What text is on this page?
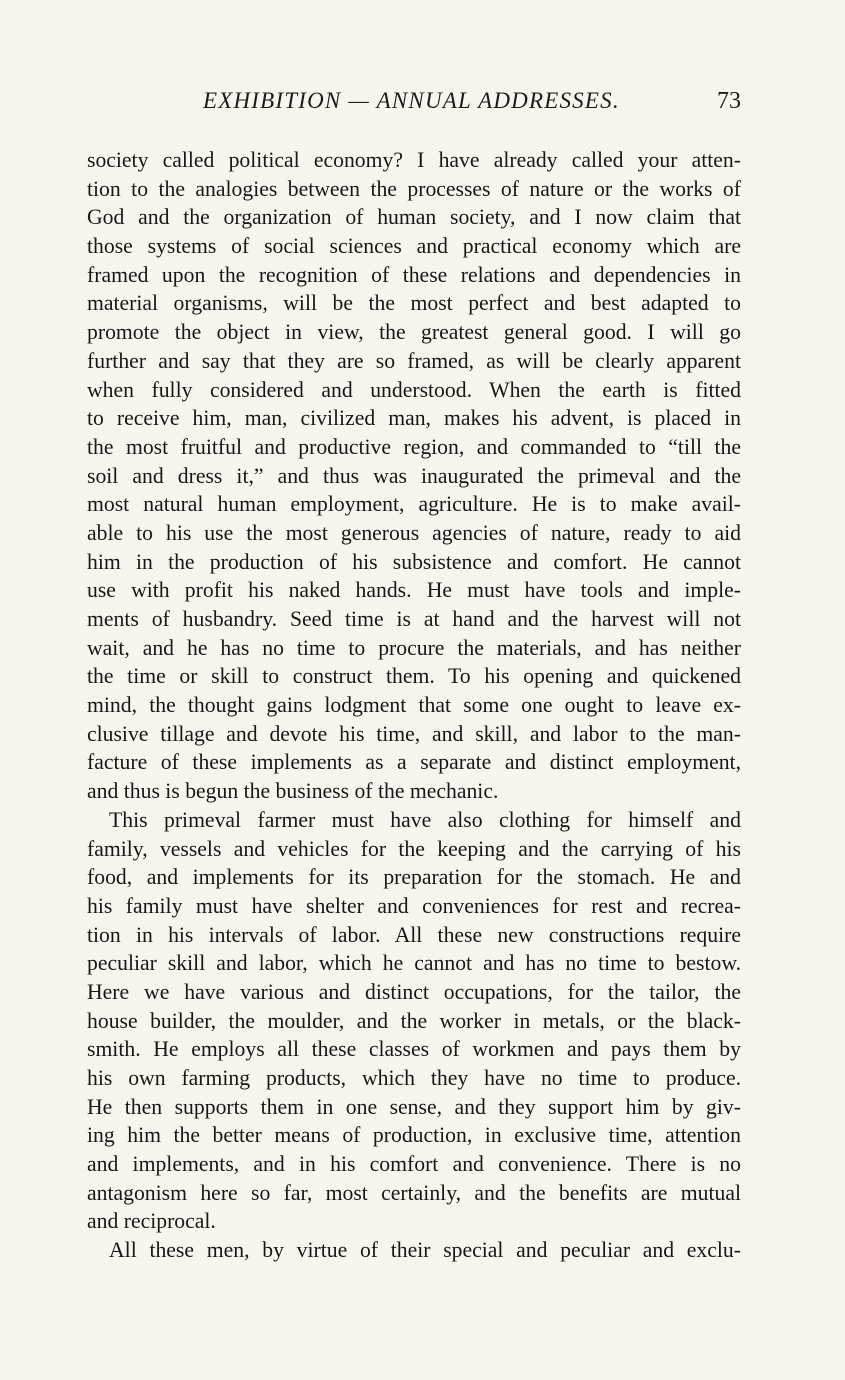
EXHIBITION — ANNUAL ADDRESSES.	73

society called political economy? I have already called your atten-
tion to the analogies between the processes of nature or the works of
God and the organization of human society, and I now claim that
those systems of social sciences and practical economy which are
framed upon the recognition of these relations and dependencies in
material organisms, will be the most perfect and best adapted to
promote the object in view, the greatest general good. I will go
further and say that they are so framed, as will be clearly apparent
when fully considered and understood. When the earth is fitted
to receive him, man, civilized man, makes his advent, is placed in
the most fruitful and productive region, and commanded to “till the
soil and dress it,” and thus was inaugurated the primeval and the
most natural human employment, agriculture. He is to make avail-
able to his use the most generous agencies of nature, ready to aid
him in the production of his subsistence and comfort. He cannot
use with profit his naked hands. He must have tools and imple-
ments of husbandry. Seed time is at hand and the harvest will not
wait, and he has no time to procure the materials, and has neither
the time or skill to construct them. To his opening and quickened
mind, the thought gains lodgment that some one ought to leave ex-
clusive tillage and devote his time, and skill, and labor to the man-
facture of these implements as a separate and distinct employment,
and thus is begun the business of the mechanic.

This primeval farmer must have also clothing for himself and
family, vessels and vehicles for the keeping and the carrying of his
food, and implements for its preparation for the stomach. He and
his family must have shelter and conveniences for rest and recrea-
tion in his intervals of labor. All these new constructions require
peculiar skill and labor, which he cannot and has no time to bestow.
Here we have various and distinct occupations, for the tailor, the
house builder, the moulder, and the worker in metals, or the black-
smith. He employs all these classes of workmen and pays them by
his own farming products, which they have no time to produce.
He then supports them in one sense, and they support him by giv-
ing him the better means of production, in exclusive time, attention
and implements, and in his comfort and convenience. There is no
antagonism here so far, most certainly, and the benefits are mutual
and reciprocal.

All these men, by virtue of their special and peculiar and exclu-
